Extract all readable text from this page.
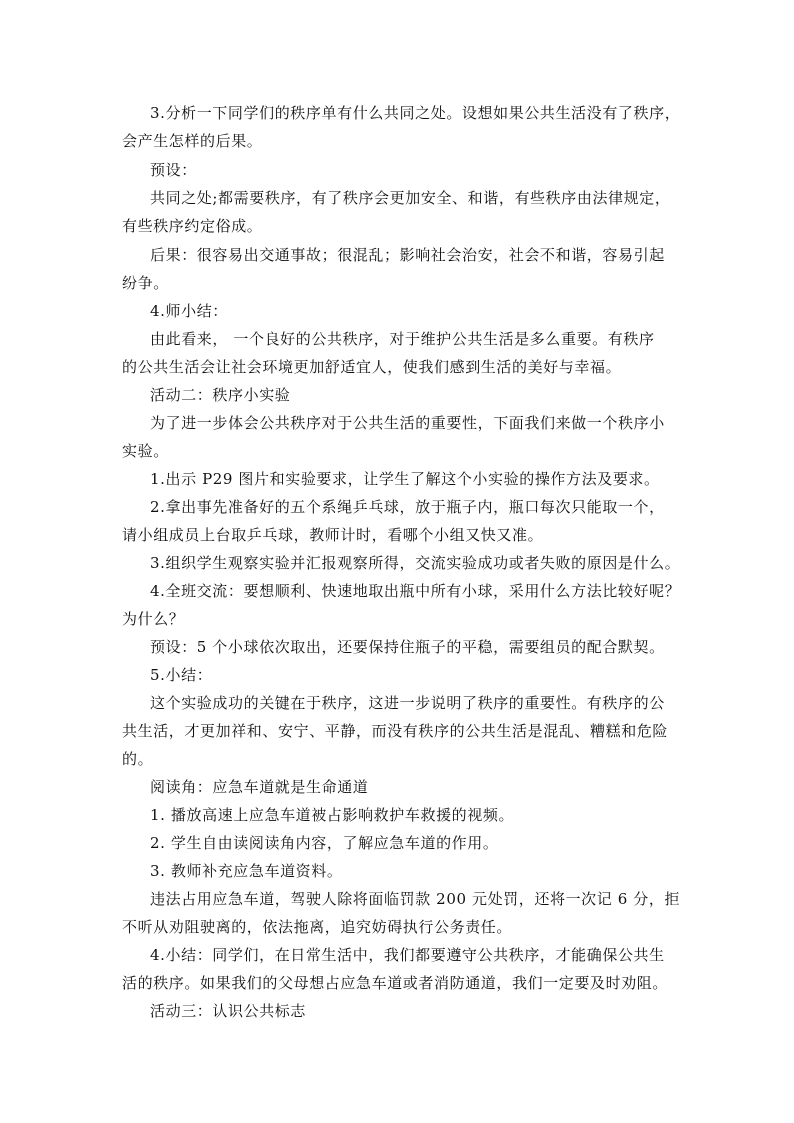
3.分析一下同学们的秩序单有什么共同之处。设想如果公共生活没有了秩序，
会产生怎样的后果。
预设：
共同之处;都需要秩序，有了秩序会更加安全、和谐，有些秩序由法律规定，
有些秩序约定俗成。
后果：很容易出交通事故；很混乱；影响社会治安，社会不和谐，容易引起
纷争。
4.师小结：
由此看来， 一个良好的公共秩序，对于维护公共生活是多么重要。有秩序
的公共生活会让社会环境更加舒适宜人，使我们感到生活的美好与幸福。
活动二：秩序小实验
为了进一步体会公共秩序对于公共生活的重要性，下面我们来做一个秩序小
实验。
1.出示 P29 图片和实验要求，让学生了解这个小实验的操作方法及要求。
2.拿出事先准备好的五个系绳乒乓球，放于瓶子内，瓶口每次只能取一个，
请小组成员上台取乒乓球，教师计时，看哪个小组又快又准。
3.组织学生观察实验并汇报观察所得，交流实验成功或者失败的原因是什么。
4.全班交流：要想顺利、快速地取出瓶中所有小球，采用什么方法比较好呢？
为什么？
预设：5 个小球依次取出，还要保持住瓶子的平稳，需要组员的配合默契。
5.小结：
这个实验成功的关键在于秩序，这进一步说明了秩序的重要性。有秩序的公
共生活，才更加祥和、安宁、平静，而没有秩序的公共生活是混乱、糟糕和危险
的。
阅读角：应急车道就是生命通道
1. 播放高速上应急车道被占影响救护车救援的视频。
2. 学生自由读阅读角内容，了解应急车道的作用。
3. 教师补充应急车道资料。
违法占用应急车道，驾驶人除将面临罚款 200 元处罚，还将一次记 6 分，拒
不听从劝阻驶离的，依法拖离，追究妨碍执行公务责任。
4.小结：同学们，在日常生活中，我们都要遵守公共秩序，才能确保公共生
活的秩序。如果我们的父母想占应急车道或者消防通道，我们一定要及时劝阻。
活动三：认识公共标志
